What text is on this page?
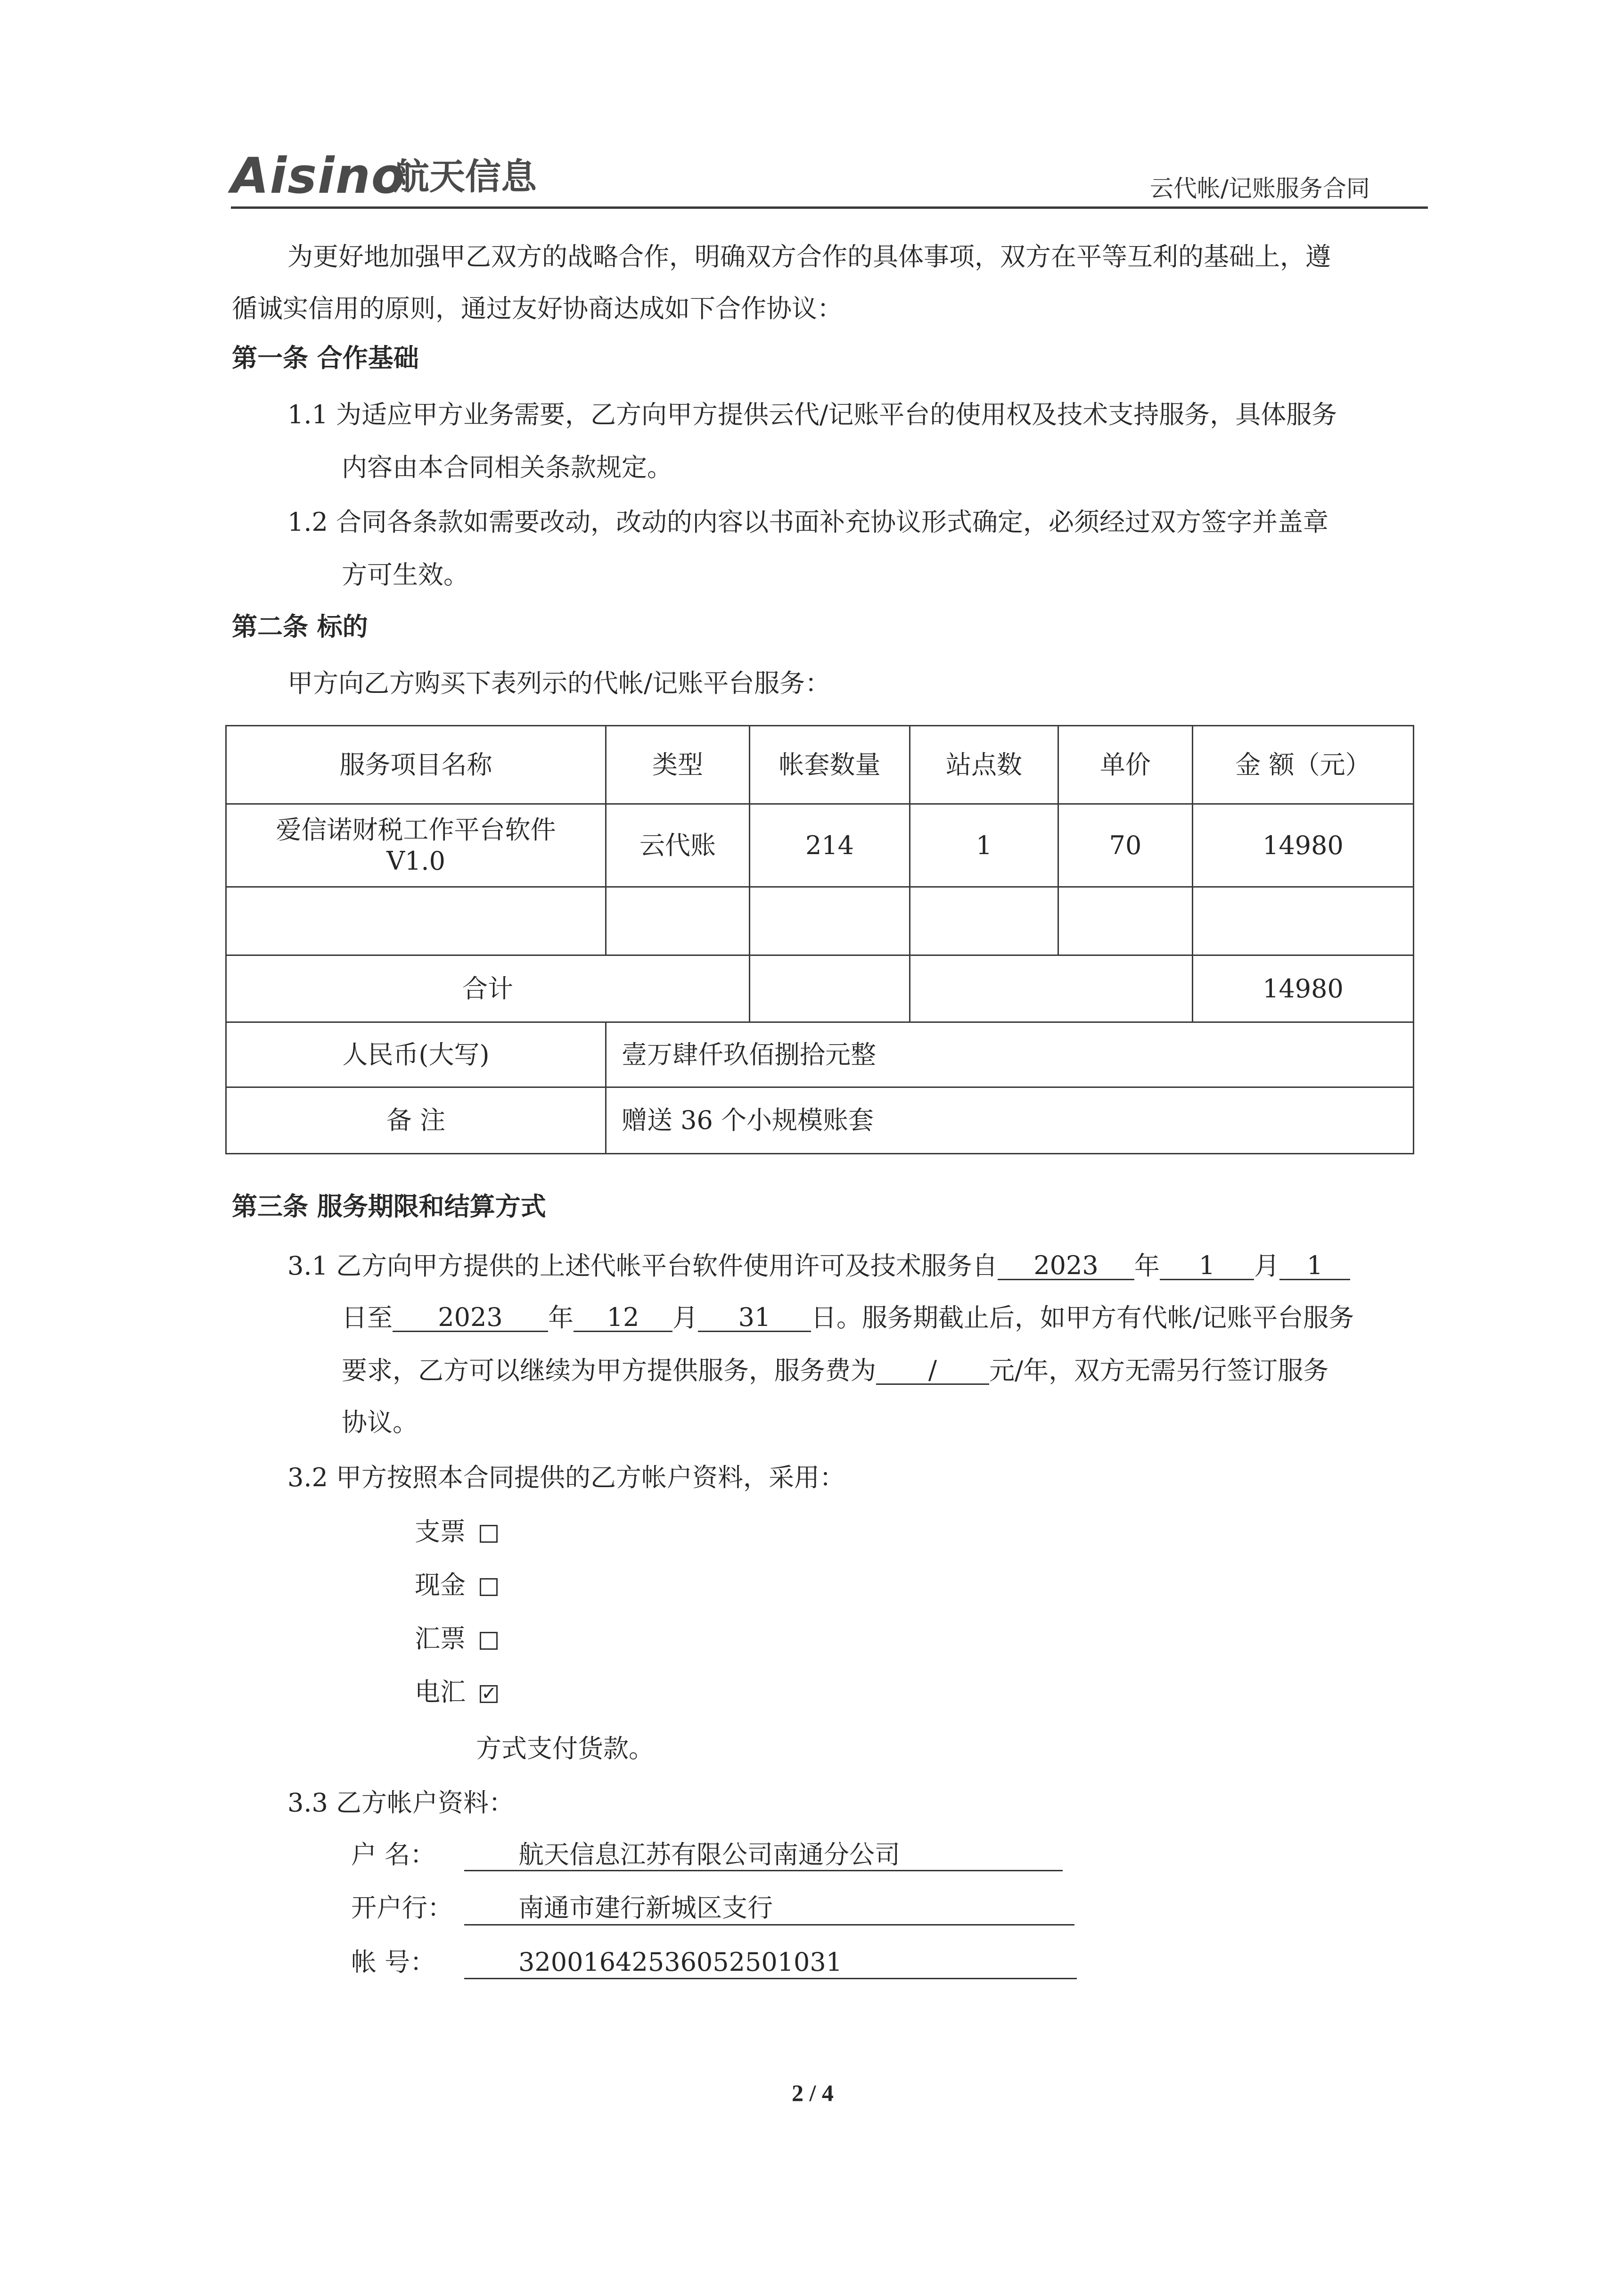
Aisino
航天信息	云代帐/记账服务合同
为更好地加强甲乙双方的战略合作，明确双方合作的具体事项，双方在平等互利的基础上，遵
循诚实信用的原则，通过友好协商达成如下合作协议：
第一条 合作基础
1.1 为适应甲方业务需要，乙方向甲方提供云代/记账平台的使用权及技术支持服务，具体服务
内容由本合同相关条款规定。
1.2 合同各条款如需要改动，改动的内容以书面补充协议形式确定，必须经过双方签字并盖章
方可生效。
第二条 标的
甲方向乙方购买下表列示的代帐/记账平台服务：
服务项目名称	类型	帐套数量	站点数	单价	金 额（元）

爱信诺财税工作平台软件
V1.0	云代账	214	1	70	14980

合计					14980
人民币(大写)	壹万肆仟玖佰捌拾元整				
备 注	赠送 36 个小规模账套				
第三条 服务期限和结算方式
3.1 乙方向甲方提供的上述代帐平台软件使用许可及技术服务自 2023 年 1 月 1
日至 2023 年 12 月 31 日。服务期截止后，如甲方有代帐/记账平台服务
要求，乙方可以继续为甲方提供服务，服务费为 / 元/年，双方无需另行签订服务
协议。
3.2 甲方按照本合同提供的乙方帐户资料，采用：
支票
现金
汇票
电汇 ✓
方式支付货款。
3.3 乙方帐户资料：
户 名：	航天信息江苏有限公司南通分公司
开户行：	南通市建行新城区支行
帐 号：	32001642536052501031
2 / 4
